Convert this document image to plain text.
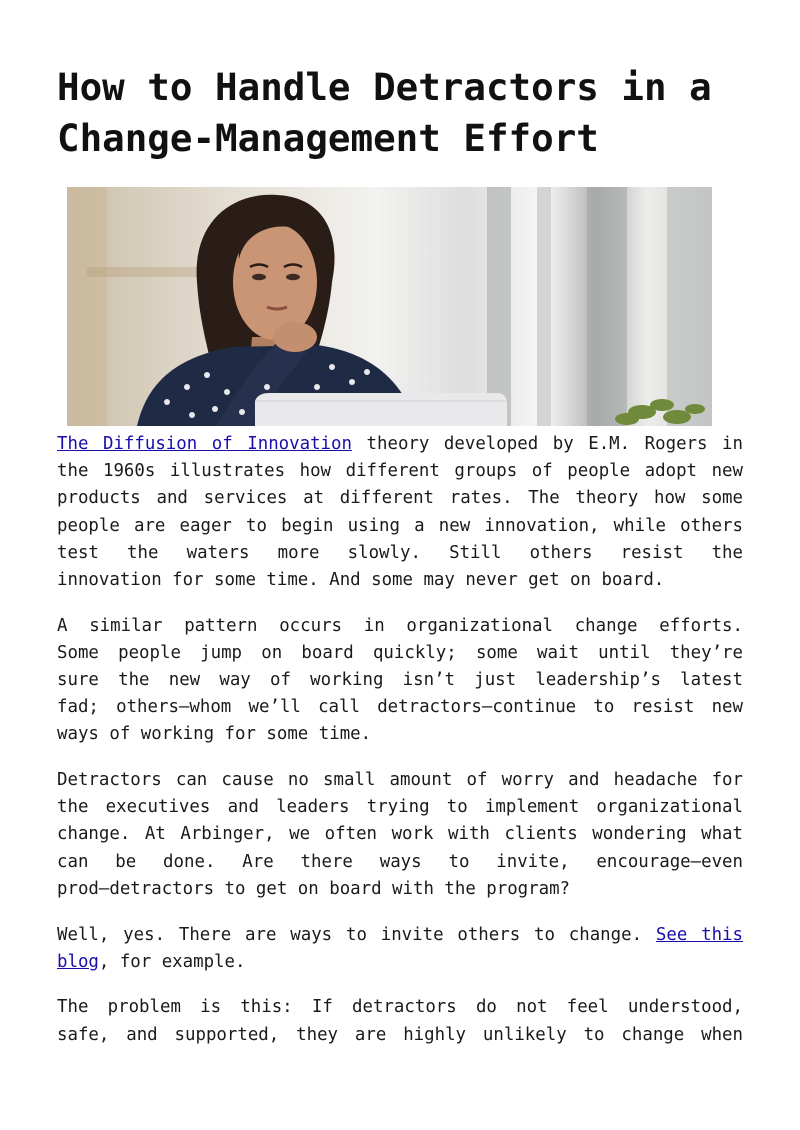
How to Handle Detractors in a
Change-Management Effort

The Diffusion of Innovation theory developed by E.M. Rogers in
the 1960s illustrates how different groups of people adopt new
products and services at different rates. The theory how some
people are eager to begin using a new innovation, while others
test the waters more slowly. Still others resist the
innovation for some time. And some may never get on board.

A similar pattern occurs in organizational change efforts.
Some people jump on board quickly; some wait until they’re
sure the new way of working isn’t just leadership’s latest
fad; others—whom we’ll call detractors—continue to resist new
ways of working for some time.

Detractors can cause no small amount of worry and headache for
the executives and leaders trying to implement organizational
change. At Arbinger, we often work with clients wondering what
can be done. Are there ways to invite, encourage—even
prod—detractors to get on board with the program?

Well, yes. There are ways to invite others to change. See this
blog, for example.

The problem is this: If detractors do not feel understood,
safe, and supported, they are highly unlikely to change when
